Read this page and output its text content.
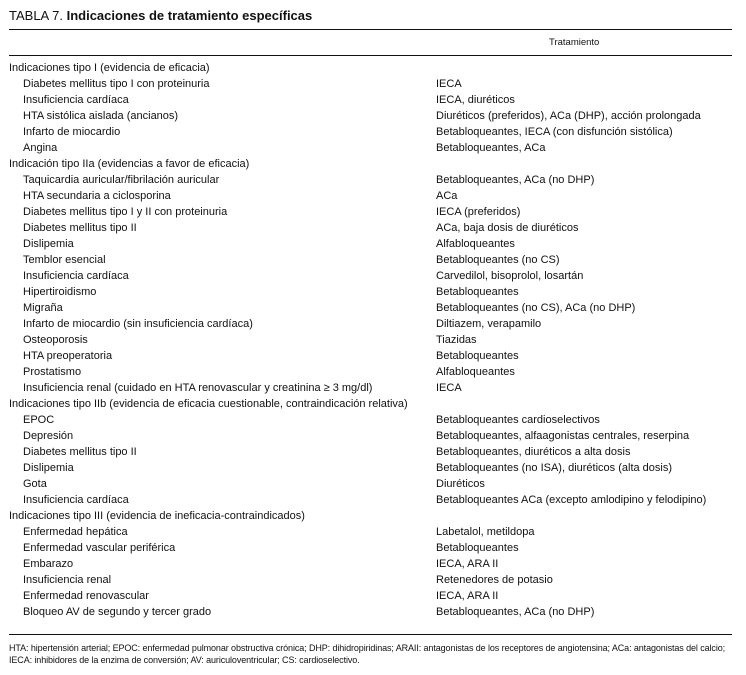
TABLA 7. Indicaciones de tratamiento específicas
Tratamiento
Indicaciones tipo I (evidencia de eficacia)
Diabetes mellitus tipo I con proteinuria	IECA
Insuficiencia cardíaca	IECA, diuréticos
HTA sistólica aislada (ancianos)	Diuréticos (preferidos), ACa (DHP), acción prolongada
Infarto de miocardio	Betabloqueantes, IECA (con disfunción sistólica)
Angina	Betabloqueantes, ACa
Indicación tipo IIa (evidencias a favor de eficacia)
Taquicardia auricular/fibrilación auricular	Betabloqueantes, ACa (no DHP)
HTA secundaria a ciclosporina	ACa
Diabetes mellitus tipo I y II con proteinuria	IECA (preferidos)
Diabetes mellitus tipo II	ACa, baja dosis de diuréticos
Dislipemia	Alfabloqueantes
Temblor esencial	Betabloqueantes (no CS)
Insuficiencia cardíaca	Carvedilol, bisoprolol, losartán
Hipertiroidismo	Betabloqueantes
Migraña	Betabloqueantes (no CS), ACa (no DHP)
Infarto de miocardio (sin insuficiencia cardíaca)	Diltiazem, verapamilo
Osteoporosis	Tiazidas
HTA preoperatoria	Betabloqueantes
Prostatismo	Alfabloqueantes
Insuficiencia renal (cuidado en HTA renovascular y creatinina ≥ 3 mg/dl)	IECA
Indicaciones tipo IIb (evidencia de eficacia cuestionable, contraindicación relativa)
EPOC	Betabloqueantes cardioselectivos
Depresión	Betabloqueantes, alfaagonistas centrales, reserpina
Diabetes mellitus tipo II	Betabloqueantes, diuréticos a alta dosis
Dislipemia	Betabloqueantes (no ISA), diuréticos (alta dosis)
Gota	Diuréticos
Insuficiencia cardíaca	Betabloqueantes ACa (excepto amlodipino y felodipino)
Indicaciones tipo III (evidencia de ineficacia-contraindicados)
Enfermedad hepática	Labetalol, metildopa
Enfermedad vascular periférica	Betabloqueantes
Embarazo	IECA, ARA II
Insuficiencia renal	Retenedores de potasio
Enfermedad renovascular	IECA, ARA II
Bloqueo AV de segundo y tercer grado	Betabloqueantes, ACa (no DHP)
HTA: hipertensión arterial; EPOC: enfermedad pulmonar obstructiva crónica; DHP: dihidropiridinas; ARAII: antagonistas de los receptores de angiotensina; ACa: antagonistas del calcio; IECA: inhibidores de la enzima de conversión; AV: auriculoventricular; CS: cardioselectivo.
